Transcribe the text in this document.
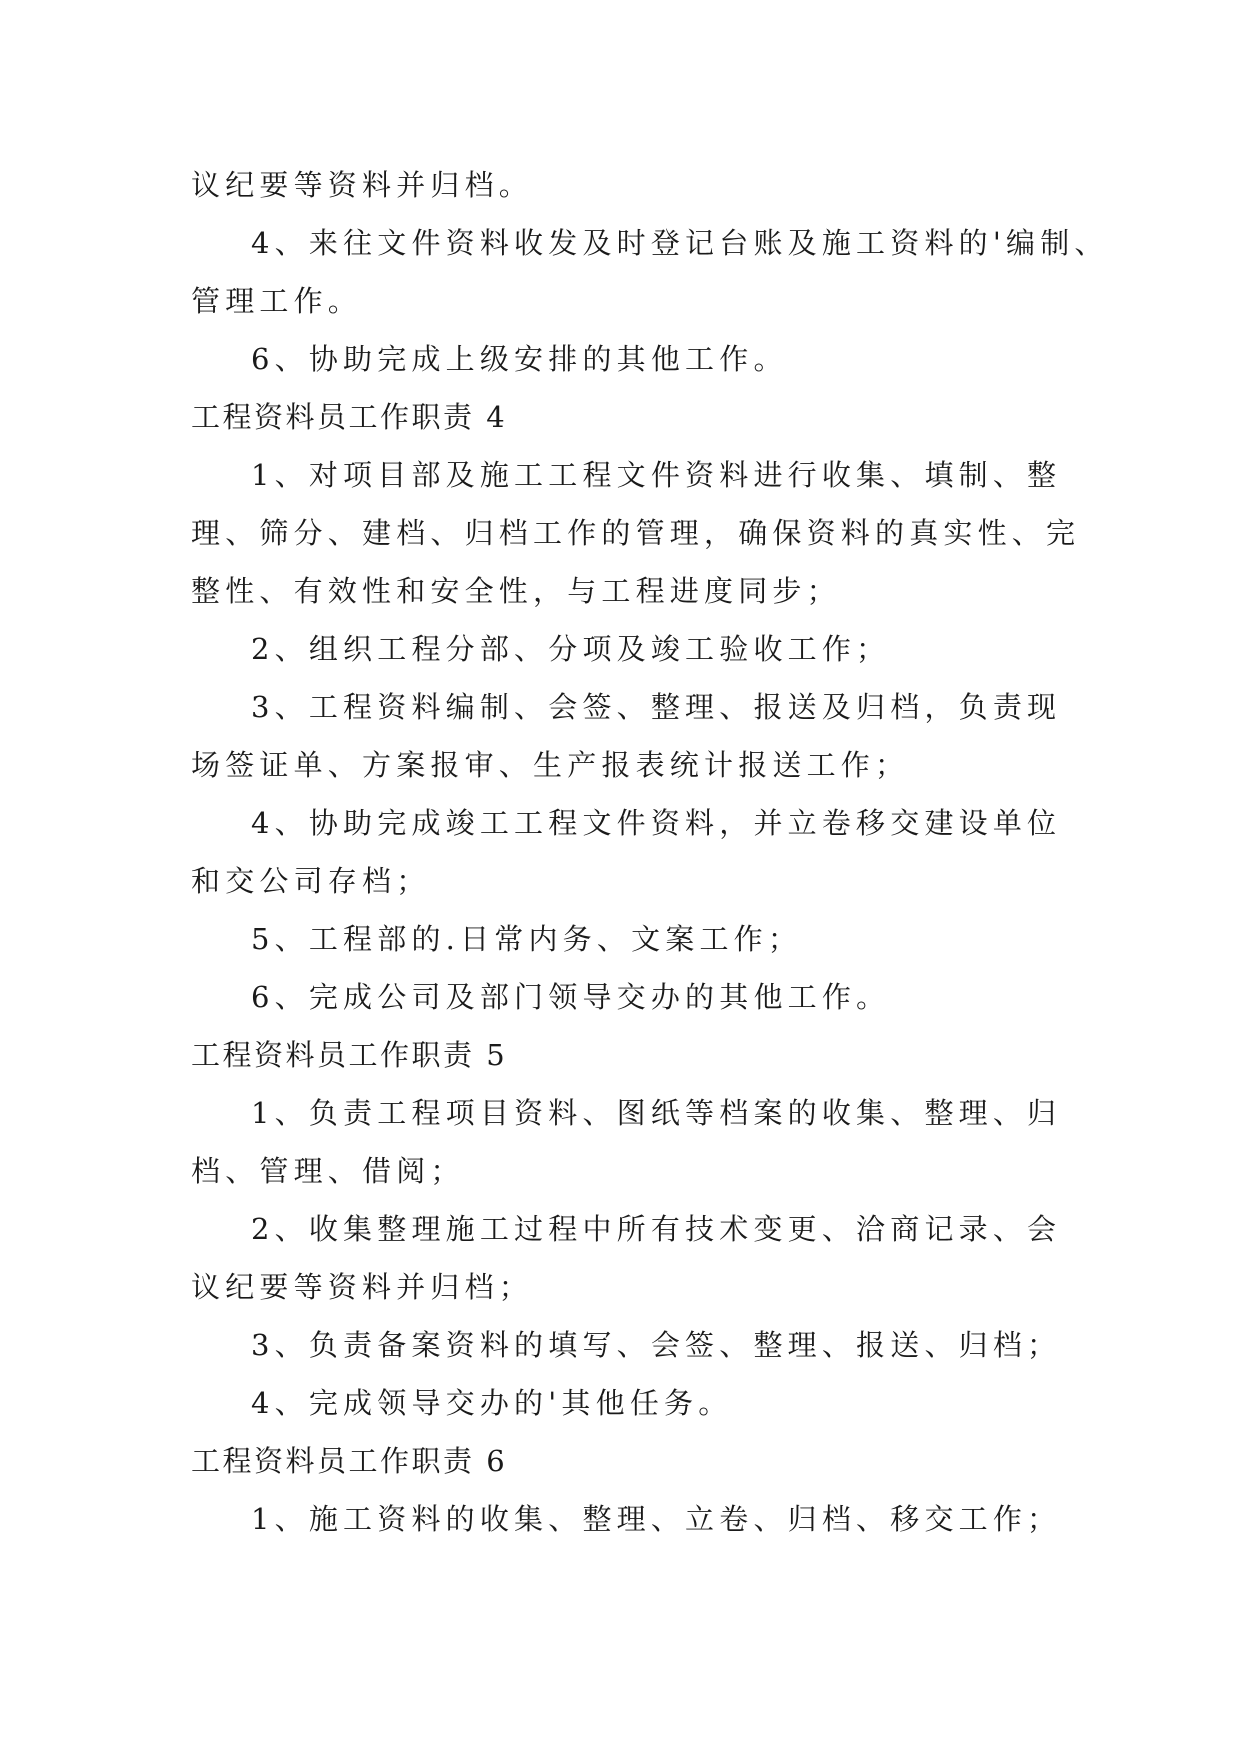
议纪要等资料并归档。
4、来往文件资料收发及时登记台账及施工资料的'编制、
管理工作。
6、协助完成上级安排的其他工作。
工程资料员工作职责 4
1、对项目部及施工工程文件资料进行收集、填制、整
理、筛分、建档、归档工作的管理，确保资料的真实性、完
整性、有效性和安全性，与工程进度同步；
2、组织工程分部、分项及竣工验收工作；
3、工程资料编制、会签、整理、报送及归档，负责现
场签证单、方案报审、生产报表统计报送工作；
4、协助完成竣工工程文件资料，并立卷移交建设单位
和交公司存档；
5、工程部的.日常内务、文案工作；
6、完成公司及部门领导交办的其他工作。
工程资料员工作职责 5
1、负责工程项目资料、图纸等档案的收集、整理、归
档、管理、借阅；
2、收集整理施工过程中所有技术变更、洽商记录、会
议纪要等资料并归档；
3、负责备案资料的填写、会签、整理、报送、归档；
4、完成领导交办的'其他任务。
工程资料员工作职责 6
1、施工资料的收集、整理、立卷、归档、移交工作；
